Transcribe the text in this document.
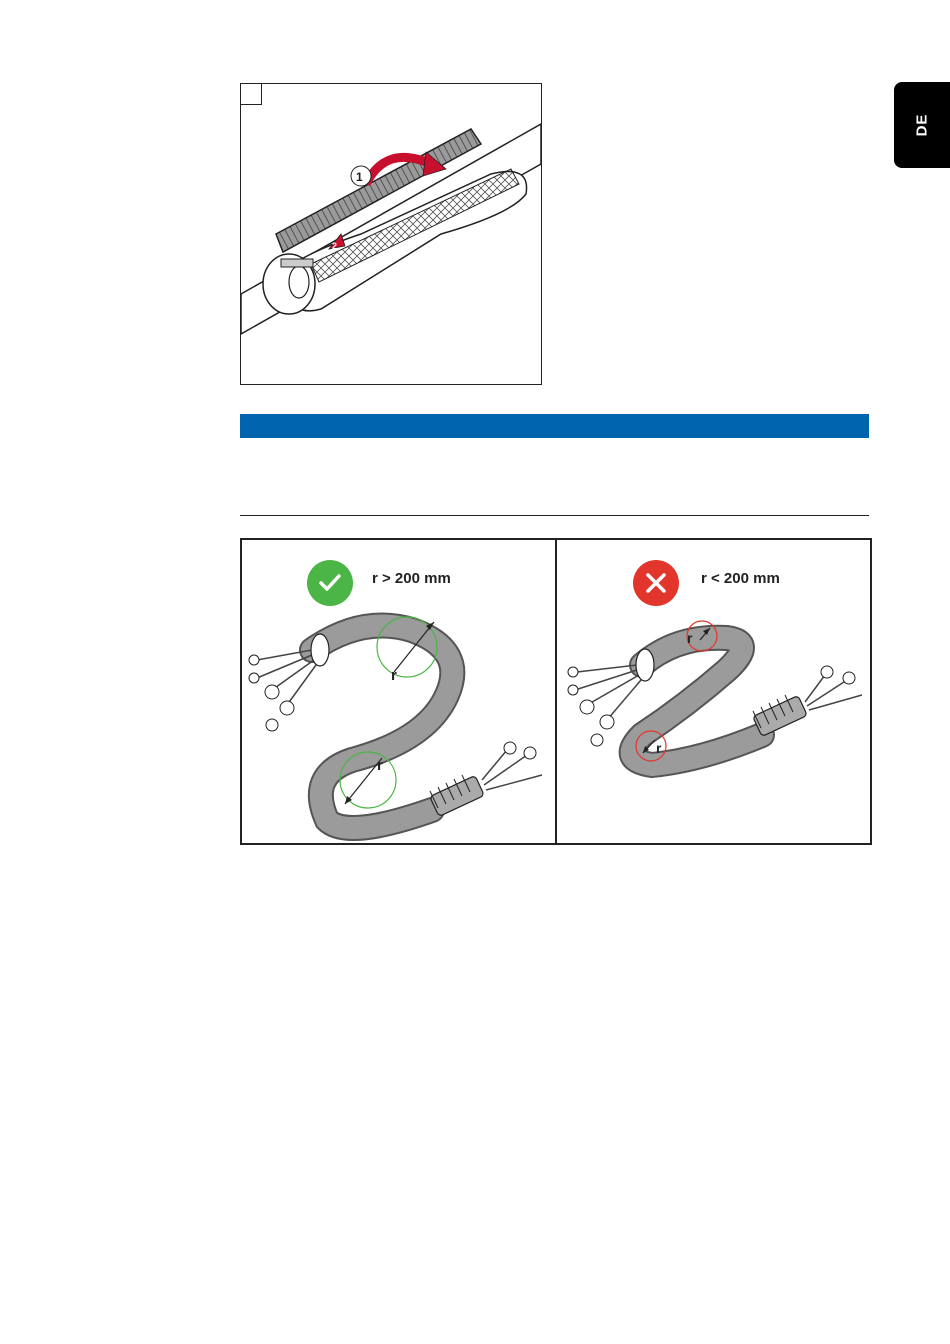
DE
1
2
r > 200 mm
r
r
r < 200 mm
r
r
